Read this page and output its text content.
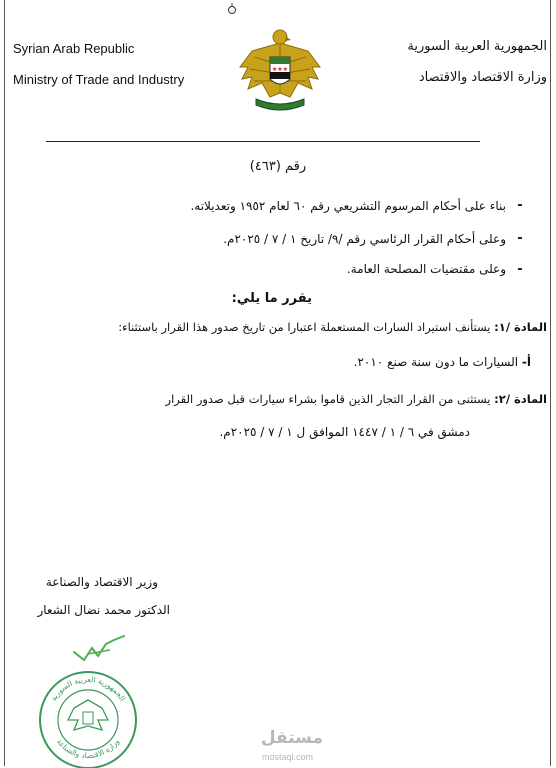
Syrian Arab Republic
Ministry of Trade and Industry
الجمهورية العربية السورية
وزارة الاقتصاد والاقتصاد
★★★
رقم (٤٦٣)
-
بناء على أحكام المرسوم التشريعي رقم ٦٠ لعام ١٩٥٢ وتعديلاته.
-
وعلى أحكام القرار الرئاسي رقم /٩/ تاريخ ١ / ٧ / ٢٠٢٥م.
-
وعلى مقتضيات المصلحة العامة.
يقرر ما يلي:
المادة /١: يستأنف استيراد السارات المستعملة اعتبارا من تاريخ صدور هذا القرار باستثناء:
أ- السيارات ما دون سنة صنع ٢٠١٠.
المادة /٢: يستثنى من القرار التجار الذين قاموا بشراء سيارات قبل صدور القرار
دمشق في ٦ / ١ / ١٤٤٧ الموافق ل ١ / ٧ / ٢٠٢٥م.
وزير الاقتصاد والصناعة
الدكتور محمد نضال الشعار
الجمهورية العربية السورية
وزارة الاقتصاد والصناعة	مستقل
mostaql.com
